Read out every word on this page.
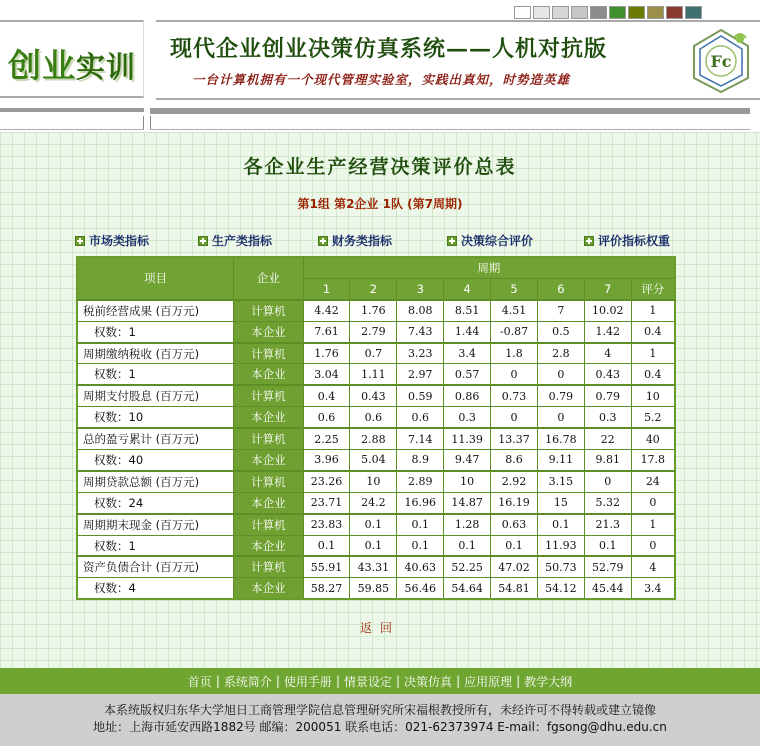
创业实训
现代企业创业决策仿真系统——人机对抗版
一台计算机拥有一个现代管理实验室，实践出真知，时势造英雄
Fc
各企业生产经营决策评价总表
第1组 第2企业 1队 (第7周期)
市场类指标	生产类指标	财务类指标	决策综合评价	评价指标权重
项目	企业	周期							
		1	2	3	4	5	6	7	评分
税前经营成果 (百万元)	计算机	4.42	1.76	8.08	8.51	4.51	7	10.02	1
权数：1	本企业	7.61	2.79	7.43	1.44	-0.87	0.5	1.42	0.4
周期缴纳税收 (百万元)	计算机	1.76	0.7	3.23	3.4	1.8	2.8	4	1
权数：1	本企业	3.04	1.11	2.97	0.57	0	0	0.43	0.4
周期支付股息 (百万元)	计算机	0.4	0.43	0.59	0.86	0.73	0.79	0.79	10
权数：10	本企业	0.6	0.6	0.6	0.3	0	0	0.3	5.2
总的盈亏累计 (百万元)	计算机	2.25	2.88	7.14	11.39	13.37	16.78	22	40
权数：40	本企业	3.96	5.04	8.9	9.47	8.6	9.11	9.81	17.8
周期贷款总额 (百万元)	计算机	23.26	10	2.89	10	2.92	3.15	0	24
权数：24	本企业	23.71	24.2	16.96	14.87	16.19	15	5.32	0
周期期末现金 (百万元)	计算机	23.83	0.1	0.1	1.28	0.63	0.1	21.3	1
权数：1	本企业	0.1	0.1	0.1	0.1	0.1	11.93	0.1	0
资产负债合计 (百万元)	计算机	55.91	43.31	40.63	52.25	47.02	50.73	52.79	4
权数：4	本企业	58.27	59.85	56.46	54.64	54.81	54.12	45.44	3.4
返回
首页 | 系统简介 | 使用手册 | 情景设定 | 决策仿真 | 应用原理 | 教学大纲
本系统版权归东华大学旭日工商管理学院信息管理研究所宋福根教授所有，未经许可不得转载或建立镜像
地址：上海市延安西路1882号 邮编：200051 联系电话：021-62373974 E-mail：fgsong@dhu.edu.cn
